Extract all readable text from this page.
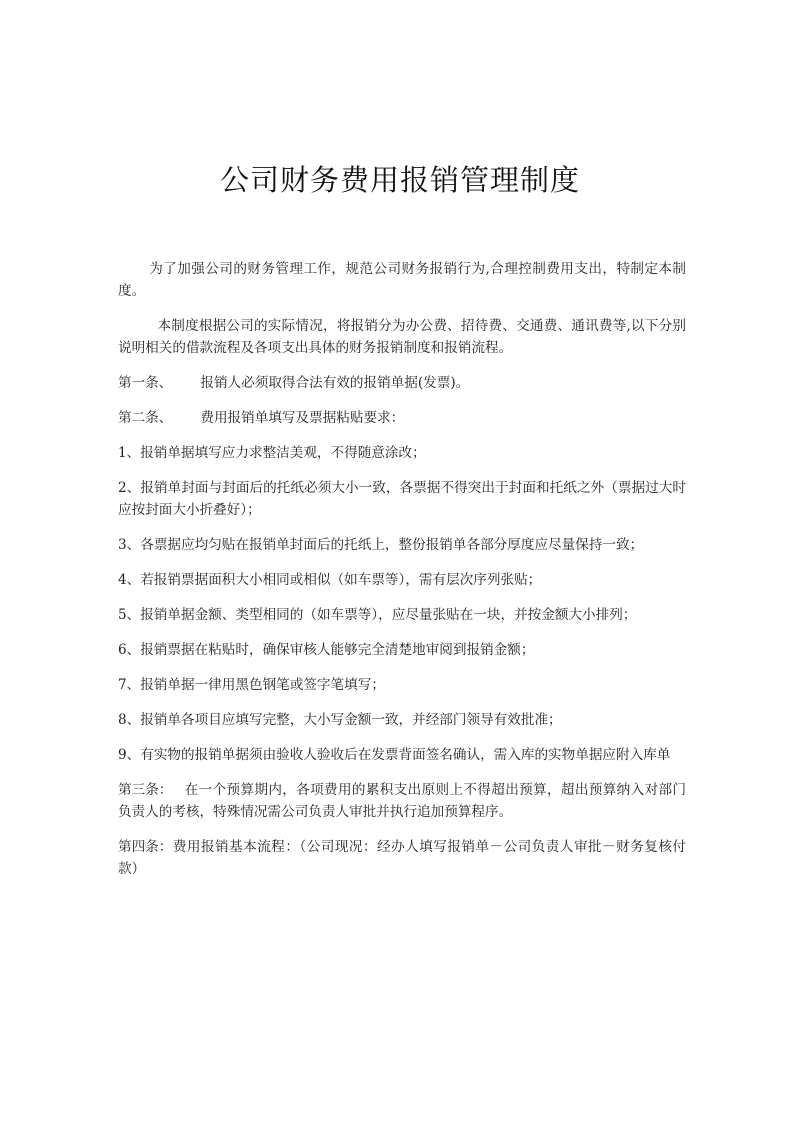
公司财务费用报销管理制度

为了加强公司的财务管理工作，规范公司财务报销行为,合理控制费用支出，特制定本制度。

本制度根据公司的实际情况，将报销分为办公费、招待费、交通费、通讯费等,以下分别说明相关的借款流程及各项支出具体的财务报销制度和报销流程。

第一条、 报销人必须取得合法有效的报销单据(发票)。

第二条、 费用报销单填写及票据粘贴要求：

1、报销单据填写应力求整洁美观，不得随意涂改；

2、报销单封面与封面后的托纸必须大小一致，各票据不得突出于封面和托纸之外（票据过大时应按封面大小折叠好）；

3、各票据应均匀贴在报销单封面后的托纸上，整份报销单各部分厚度应尽量保持一致；

4、若报销票据面积大小相同或相似（如车票等），需有层次序列张贴；

5、报销单据金额、类型相同的（如车票等），应尽量张贴在一块，并按金额大小排列；

6、报销票据在粘贴时，确保审核人能够完全清楚地审阅到报销金额；

7、报销单据一律用黑色钢笔或签字笔填写；

8、报销单各项目应填写完整，大小写金额一致，并经部门领导有效批准；

9、有实物的报销单据须由验收人验收后在发票背面签名确认，需入库的实物单据应附入库单

第三条： 在一个预算期内，各项费用的累积支出原则上不得超出预算，超出预算纳入对部门负责人的考核，特殊情况需公司负责人审批并执行追加预算程序。

第四条：费用报销基本流程：（公司现况：经办人填写报销单－公司负责人审批－财务复核付款）
